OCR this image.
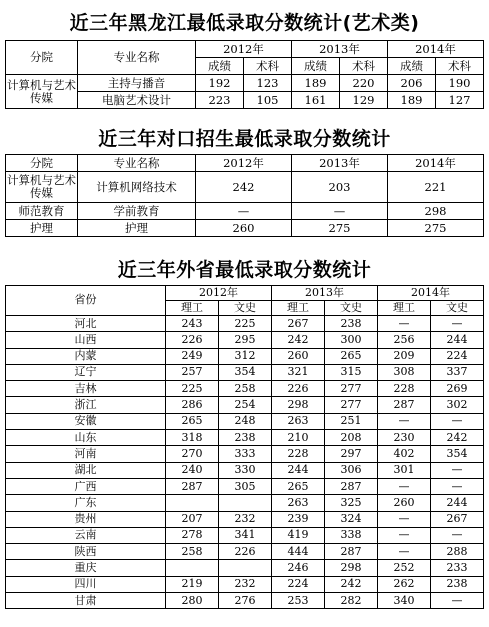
近三年黑龙江最低录取分数统计(艺术类)
分院	专业名称	2012年		2013年		2014年	
		成绩	术科	成绩	术科	成绩	术科
计算机与艺术传媒	主持与播音	192	123	189	220	206	190
	电脑艺术设计	223	105	161	129	189	127
近三年对口招生最低录取分数统计
分院	专业名称	2012年	2013年	2014年
计算机与艺术传媒	计算机网络技术	242	203	221
师范教育	学前教育	—	—	298
护理	护理	260	275	275
近三年外省最低录取分数统计
省份	2012年		2013年		2014年	
	理工	文史	理工	文史	理工	文史
河北	243	225	267	238	—	—
山西	226	295	242	300	256	244
内蒙	249	312	260	265	209	224
辽宁	257	354	321	315	308	337
吉林	225	258	226	277	228	269
浙江	286	254	298	277	287	302
安徽	265	248	263	251	—	—
山东	318	238	210	208	230	242
河南	270	333	228	297	402	354
湖北	240	330	244	306	301	—
广西	287	305	265	287	—	—
广东			263	325	260	244
贵州	207	232	239	324	—	267
云南	278	341	419	338	—	—
陕西	258	226	444	287	—	288
重庆			246	298	252	233
四川	219	232	224	242	262	238
甘肃	280	276	253	282	340	—
